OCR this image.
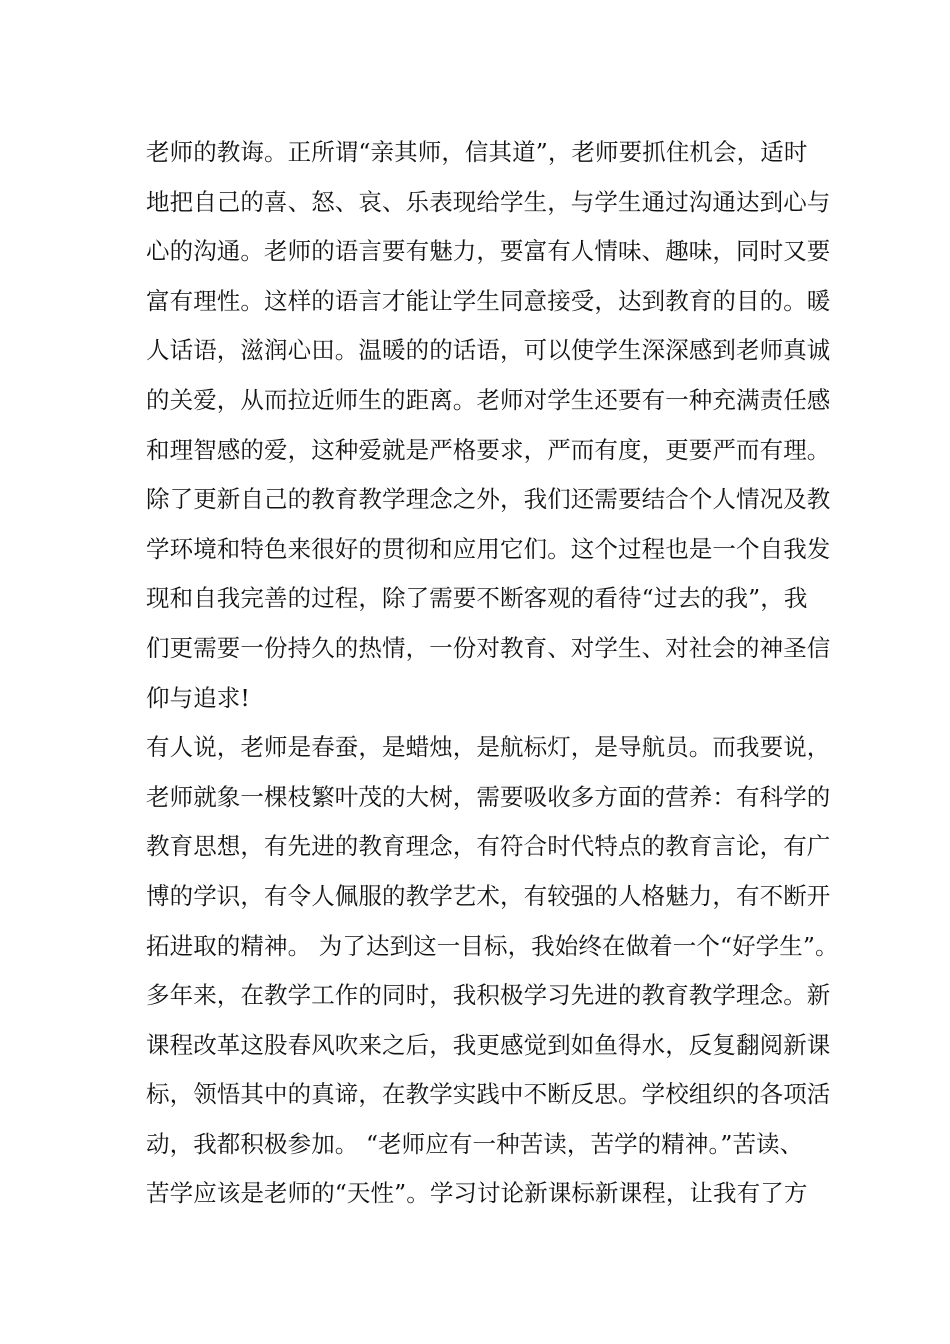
老师的教诲。正所谓“亲其师，信其道”，老师要抓住机会，适时
地把自己的喜、怒、哀、乐表现给学生，与学生通过沟通达到心与
心的沟通。老师的语言要有魅力，要富有人情味、趣味，同时又要
富有理性。这样的语言才能让学生同意接受，达到教育的目的。暖
人话语，滋润心田。温暖的的话语，可以使学生深深感到老师真诚
的关爱，从而拉近师生的距离。老师对学生还要有一种充满责任感
和理智感的爱，这种爱就是严格要求，严而有度，更要严而有理。
除了更新自己的教育教学理念之外，我们还需要结合个人情况及教
学环境和特色来很好的贯彻和应用它们。这个过程也是一个自我发
现和自我完善的过程，除了需要不断客观的看待“过去的我”，我
们更需要一份持久的热情，一份对教育、对学生、对社会的神圣信
仰与追求!
有人说，老师是春蚕，是蜡烛，是航标灯，是导航员。而我要说，
老师就象一棵枝繁叶茂的大树，需要吸收多方面的营养：有科学的
教育思想，有先进的教育理念，有符合时代特点的教育言论，有广
博的学识，有令人佩服的教学艺术，有较强的人格魅力，有不断开
拓进取的精神。 为了达到这一目标，我始终在做着一个“好学生”。
多年来，在教学工作的同时，我积极学习先进的教育教学理念。新
课程改革这股春风吹来之后，我更感觉到如鱼得水，反复翻阅新课
标，领悟其中的真谛，在教学实践中不断反思。学校组织的各项活
动，我都积极参加。 “老师应有一种苦读，苦学的精神。”苦读、
苦学应该是老师的“天性”。学习讨论新课标新课程，让我有了方
